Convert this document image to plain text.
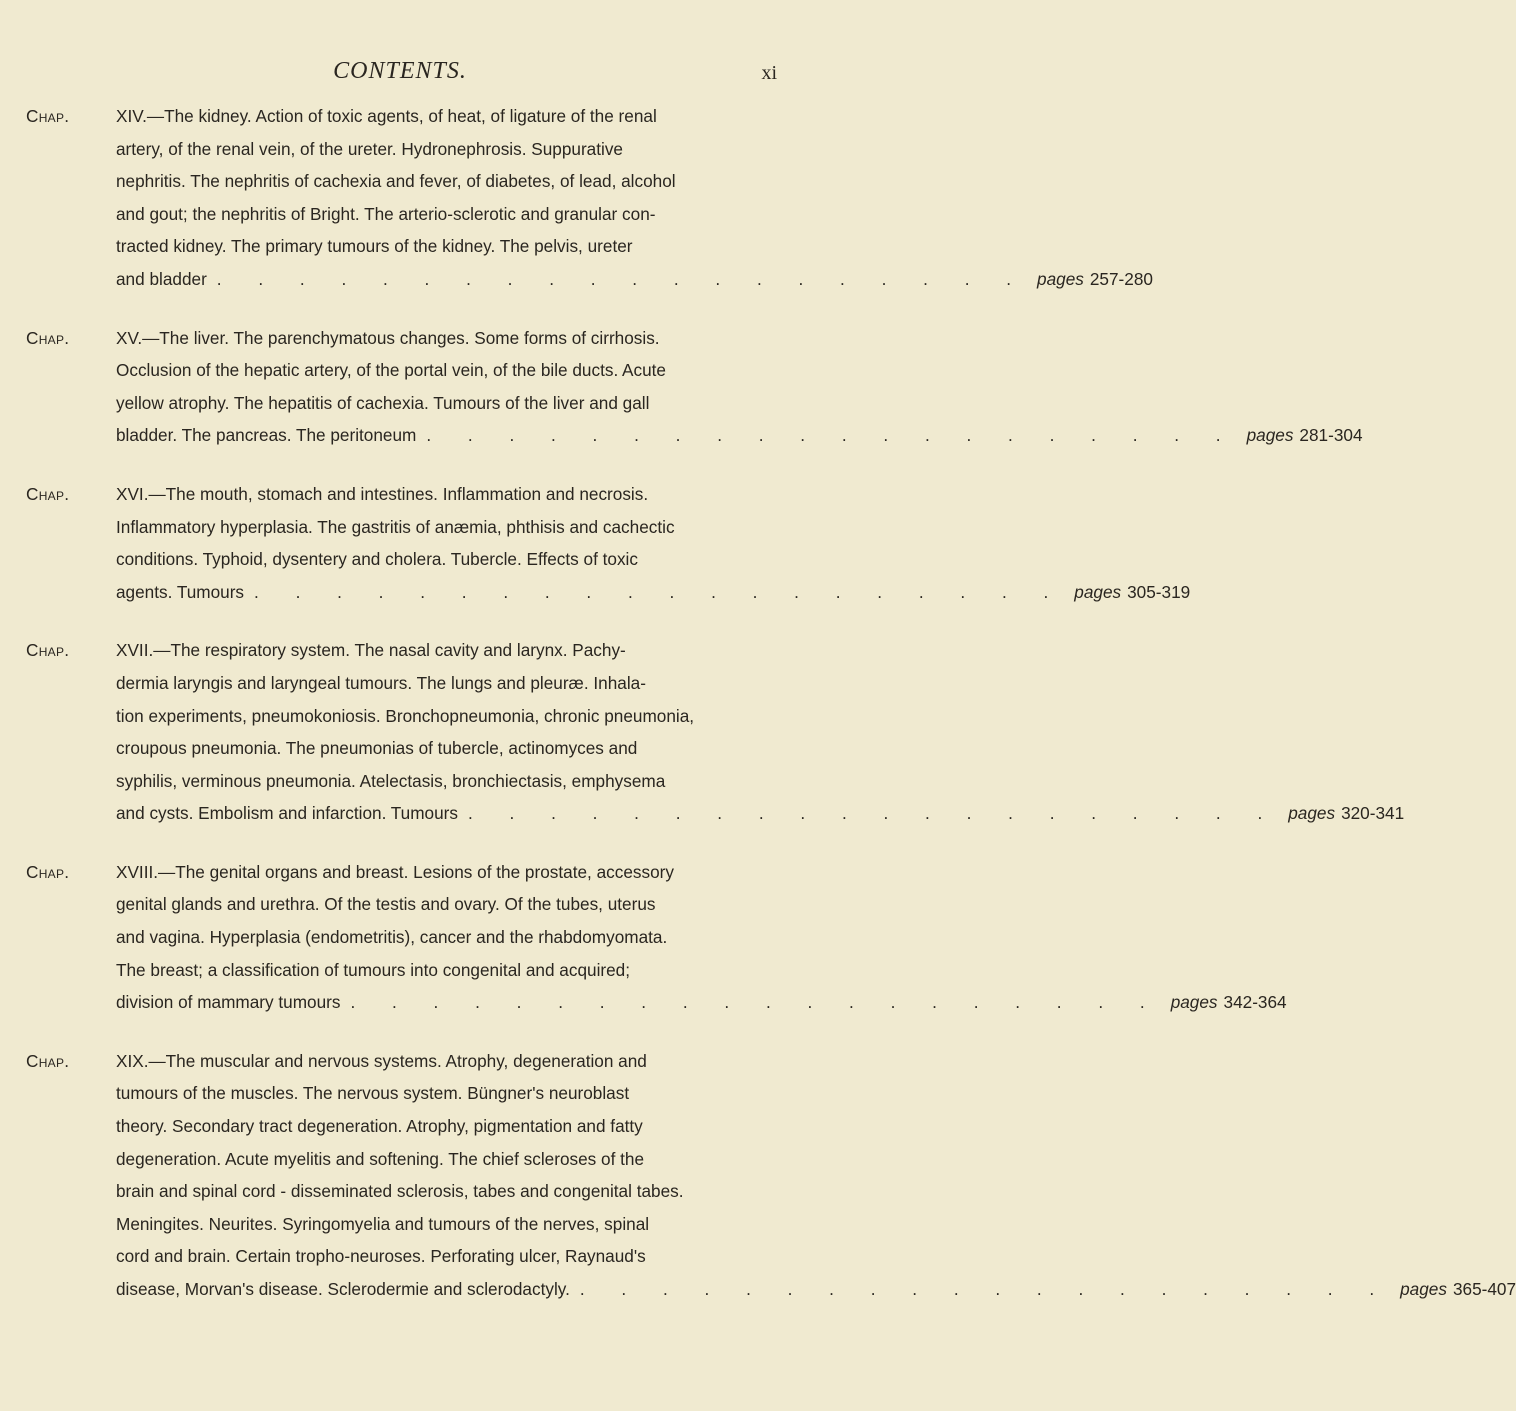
CONTENTS.	xi
Chap.	XIV.—The kidney. Action of toxic agents, of heat, of ligature of the renal
artery, of the renal vein, of the ureter. Hydronephrosis. Suppurative
nephritis. The nephritis of cachexia and fever, of diabetes, of lead, alcohol
and gout; the nephritis of Bright. The arterio-sclerotic and granular con-
tracted kidney. The primary tumours of the kidney. The pelvis, ureter
and bladder . . . . . . . . . . . . . . . . . . . . pages 257-280
Chap.	XV.—The liver. The parenchymatous changes. Some forms of cirrhosis.
Occlusion of the hepatic artery, of the portal vein, of the bile ducts. Acute
yellow atrophy. The hepatitis of cachexia. Tumours of the liver and gall
bladder. The pancreas. The peritoneum . . . . . . . . . . . . . . . . . . . . pages 281-304
Chap.	XVI.—The mouth, stomach and intestines. Inflammation and necrosis.
Inflammatory hyperplasia. The gastritis of anæmia, phthisis and cachectic
conditions. Typhoid, dysentery and cholera. Tubercle. Effects of toxic
agents. Tumours . . . . . . . . . . . . . . . . . . . . pages 305-319
Chap.	XVII.—The respiratory system. The nasal cavity and larynx. Pachy-
dermia laryngis and laryngeal tumours. The lungs and pleuræ. Inhala-
tion experiments, pneumokoniosis. Bronchopneumonia, chronic pneumonia,
croupous pneumonia. The pneumonias of tubercle, actinomyces and
syphilis, verminous pneumonia. Atelectasis, bronchiectasis, emphysema
and cysts. Embolism and infarction. Tumours . . . . . . . . . . . . . . . . . . . . pages 320-341
Chap.	XVIII.—The genital organs and breast. Lesions of the prostate, accessory
genital glands and urethra. Of the testis and ovary. Of the tubes, uterus
and vagina. Hyperplasia (endometritis), cancer and the rhabdomyomata.
The breast; a classification of tumours into congenital and acquired;
division of mammary tumours . . . . . . . . . . . . . . . . . . . . pages 342-364
Chap.	XIX.—The muscular and nervous systems. Atrophy, degeneration and
tumours of the muscles. The nervous system. Büngner's neuroblast
theory. Secondary tract degeneration. Atrophy, pigmentation and fatty
degeneration. Acute myelitis and softening. The chief scleroses of the
brain and spinal cord - disseminated sclerosis, tabes and congenital tabes.
Meningites. Neurites. Syringomyelia and tumours of the nerves, spinal
cord and brain. Certain tropho-neuroses. Perforating ulcer, Raynaud's
disease, Morvan's disease. Sclerodermie and sclerodactyly. . . . . . . . . . . . . . . . . . . . . pages 365-407
